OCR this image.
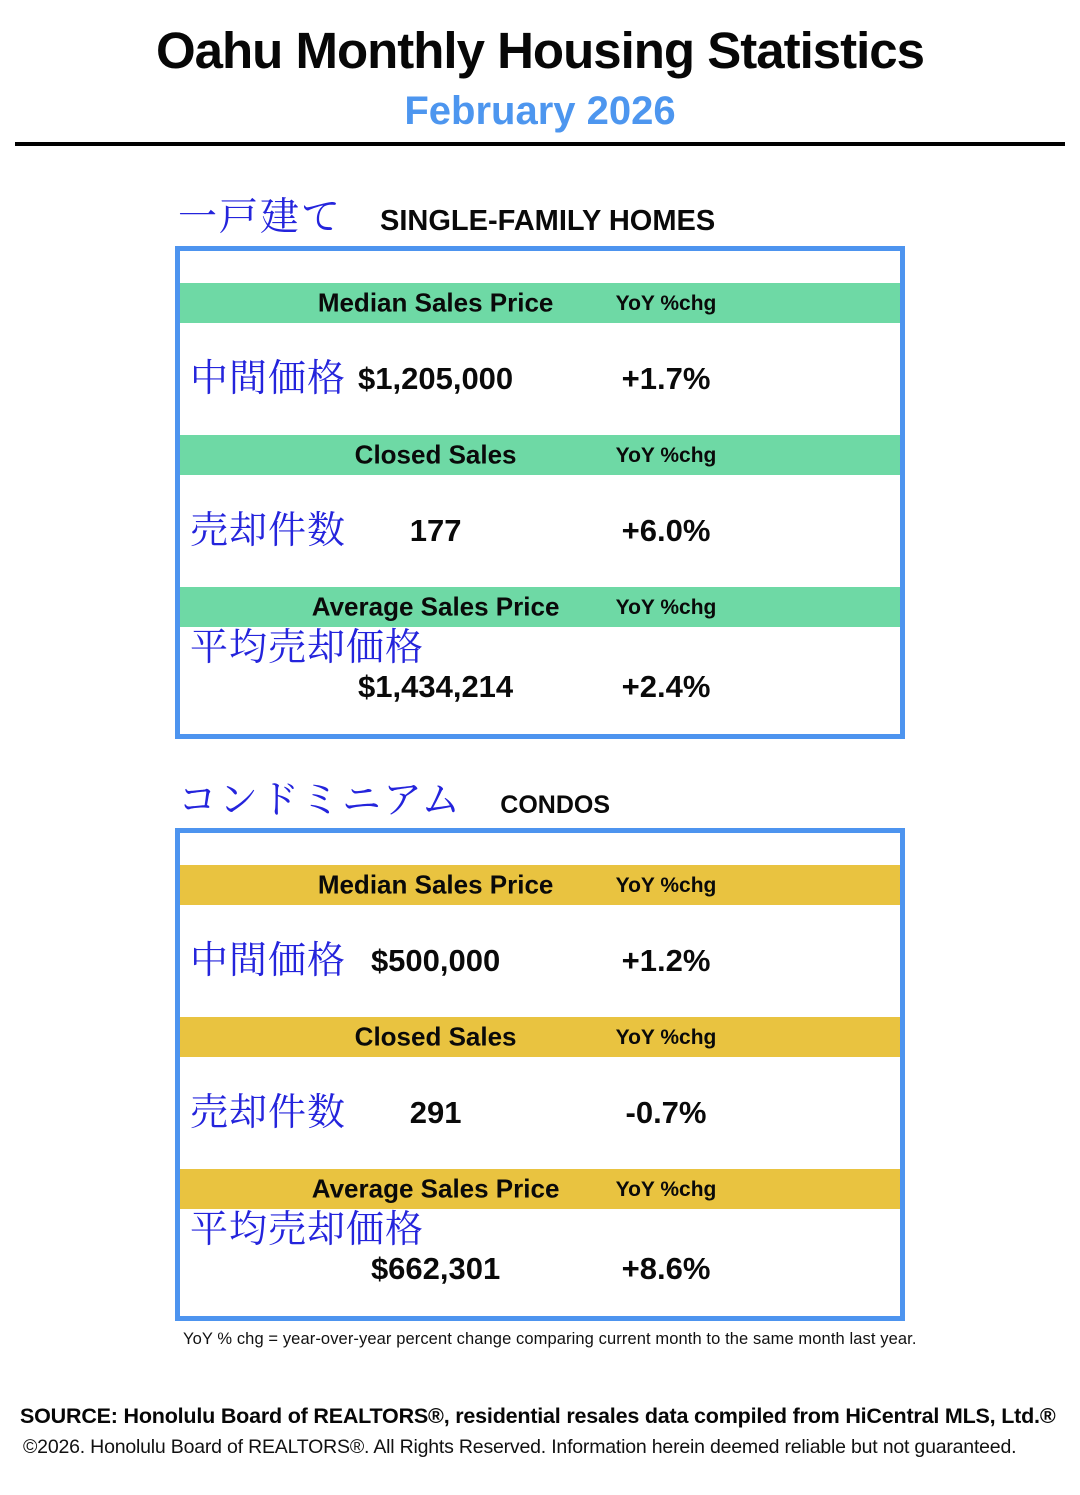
Oahu Monthly Housing Statistics
February 2026
一戸建て SINGLE-FAMILY HOMES
Median Sales Price	YoY %chg
中間価格 $1,205,000	+1.7%
Closed Sales	YoY %chg
売却件数 177	+6.0%
Average Sales Price	YoY %chg
平均売却価格
$1,434,214	+2.4%
コンドミニアム CONDOS
Median Sales Price	YoY %chg
中間価格 $500,000	+1.2%
Closed Sales	YoY %chg
売却件数 291	-0.7%
Average Sales Price	YoY %chg
平均売却価格
$662,301	+8.6%

YoY % chg = year-over-year percent change comparing current month to the same month last year.

SOURCE: Honolulu Board of REALTORS®, residential resales data compiled from HiCentral MLS, Ltd.®
©2026. Honolulu Board of REALTORS®. All Rights Reserved. Information herein deemed reliable but not guaranteed.
